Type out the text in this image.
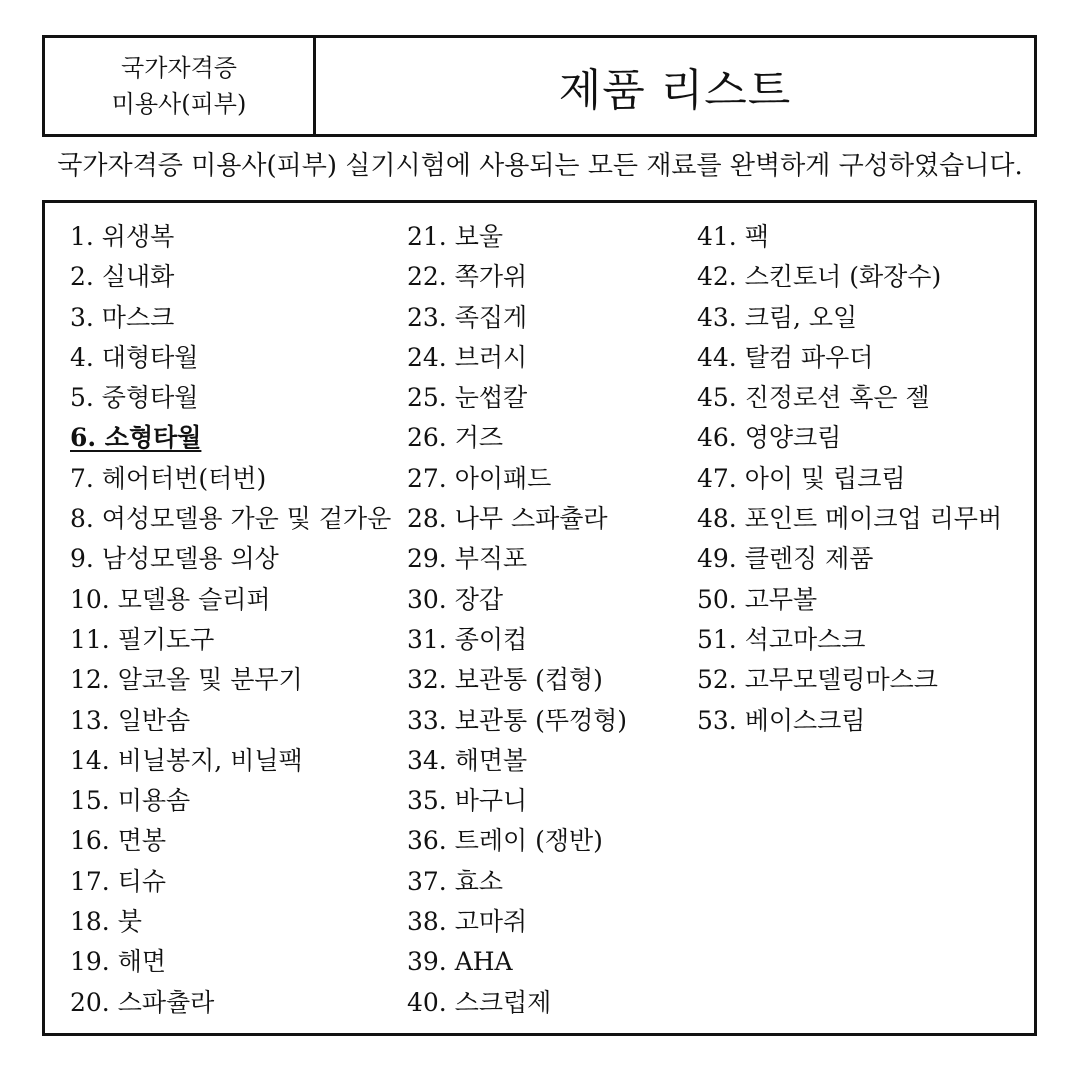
국가자격증
미용사(피부)	제품 리스트
국가자격증 미용사(피부) 실기시험에 사용되는 모든 재료를 완벽하게 구성하였습니다.
1. 위생복
2. 실내화
3. 마스크
4. 대형타월
5. 중형타월
6. 소형타월
7. 헤어터번(터번)
8. 여성모델용 가운 및 겉가운
9. 남성모델용 의상
10. 모델용 슬리퍼
11. 필기도구
12. 알코올 및 분무기
13. 일반솜
14. 비닐봉지, 비닐팩
15. 미용솜
16. 면봉
17. 티슈
18. 붓
19. 해면
20. 스파츌라
21. 보울
22. 쪽가위
23. 족집게
24. 브러시
25. 눈썹칼
26. 거즈
27. 아이패드
28. 나무 스파츌라
29. 부직포
30. 장갑
31. 종이컵
32. 보관통 (컵형)
33. 보관통 (뚜껑형)
34. 해면볼
35. 바구니
36. 트레이 (쟁반)
37. 효소
38. 고마쥐
39. AHA
40. 스크럽제
41. 팩
42. 스킨토너 (화장수)
43. 크림, 오일
44. 탈컴 파우더
45. 진정로션 혹은 젤
46. 영양크림
47. 아이 및 립크림
48. 포인트 메이크업 리무버
49. 클렌징 제품
50. 고무볼
51. 석고마스크
52. 고무모델링마스크
53. 베이스크림
